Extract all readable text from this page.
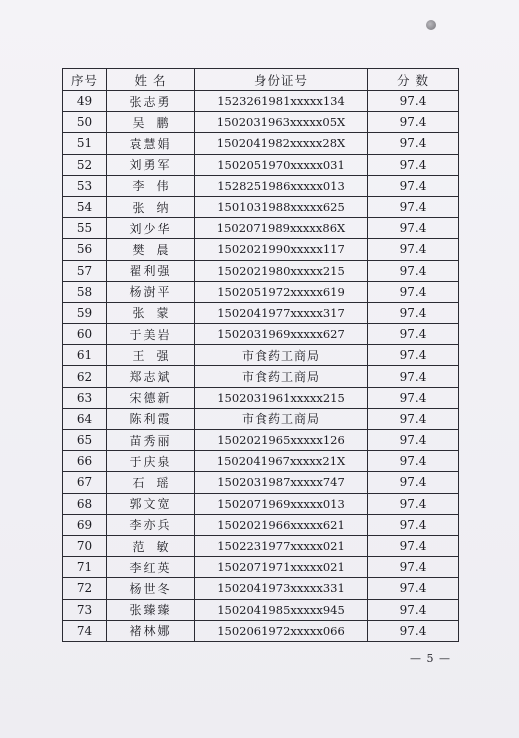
序号	姓 名	身份证号	分 数
49	张志勇	1523261981xxxxx134	97.4
50	吴鹏	1502031963xxxxx05X	97.4
51	袁慧娟	1502041982xxxxx28X	97.4
52	刘勇军	1502051970xxxxx031	97.4
53	李伟	1528251986xxxxx013	97.4
54	张纳	1501031988xxxxx625	97.4
55	刘少华	1502071989xxxxx86X	97.4
56	樊晨	1502021990xxxxx117	97.4
57	翟利强	1502021980xxxxx215	97.4
58	杨澍平	1502051972xxxxx619	97.4
59	张蒙	1502041977xxxxx317	97.4
60	于美岩	1502031969xxxxx627	97.4
61	王强	市食药工商局	97.4
62	郑志斌	市食药工商局	97.4
63	宋德新	1502031961xxxxx215	97.4
64	陈利霞	市食药工商局	97.4
65	苗秀丽	1502021965xxxxx126	97.4
66	于庆泉	1502041967xxxxx21X	97.4
67	石瑶	1502031987xxxxx747	97.4
68	郭文宽	1502071969xxxxx013	97.4
69	李亦兵	1502021966xxxxx621	97.4
70	范敏	1502231977xxxxx021	97.4
71	李红英	1502071971xxxxx021	97.4
72	杨世冬	1502041973xxxxx331	97.4
73	张臻臻	1502041985xxxxx945	97.4
74	褚林娜	1502061972xxxxx066	97.4
— 5 —
